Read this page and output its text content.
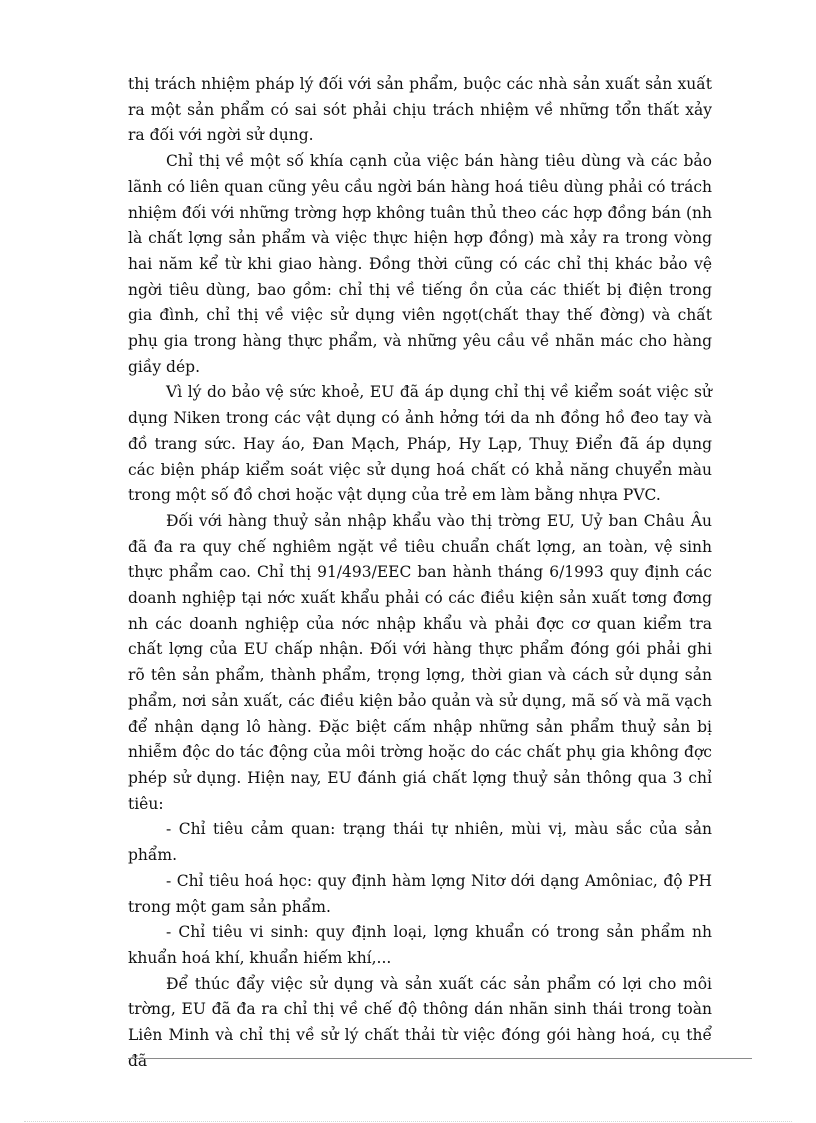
thị trách nhiệm pháp lý đối với sản phẩm, buộc các nhà sản xuất sản xuất ra một sản phẩm có sai sót phải chịu trách nhiệm về những tổn thất xảy ra đối với ngời sử dụng.

Chỉ thị về một số khía cạnh của việc bán hàng tiêu dùng và các bảo lãnh có liên quan cũng yêu cầu ngời bán hàng hoá tiêu dùng phải có trách nhiệm đối với những trờng hợp không tuân thủ theo các hợp đồng bán (nh là chất lợng sản phẩm và việc thực hiện hợp đồng) mà xảy ra trong vòng hai năm kể từ khi giao hàng. Đồng thời cũng có các chỉ thị khác bảo vệ ngời tiêu dùng, bao gồm: chỉ thị về tiếng ồn của các thiết bị điện trong gia đình, chỉ thị về việc sử dụng viên ngọt(chất thay thế đờng) và chất phụ gia trong hàng thực phẩm, và những yêu cầu về nhãn mác cho hàng giầy dép.

Vì lý do bảo vệ sức khoẻ, EU đã áp dụng chỉ thị về kiểm soát việc sử dụng Niken trong các vật dụng có ảnh hởng tới da nh đồng hồ đeo tay và đồ trang sức. Hay áo, Đan Mạch, Pháp, Hy Lạp, Thuỵ Điển đã áp dụng các biện pháp kiểm soát việc sử dụng hoá chất có khả năng chuyển màu trong một số đồ chơi hoặc vật dụng của trẻ em làm bằng nhựa PVC.

Đối với hàng thuỷ sản nhập khẩu vào thị trờng EU, Uỷ ban Châu Âu đã đa ra quy chế nghiêm ngặt về tiêu chuẩn chất lợng, an toàn, vệ sinh thực phẩm cao. Chỉ thị 91/493/EEC ban hành tháng 6/1993 quy định các doanh nghiệp tại nớc xuất khẩu phải có các điều kiện sản xuất tơng đơng nh các doanh nghiệp của nớc nhập khẩu và phải đợc cơ quan kiểm tra chất lợng của EU chấp nhận. Đối với hàng thực phẩm đóng gói phải ghi rõ tên sản phẩm, thành phẩm, trọng lợng, thời gian và cách sử dụng sản phẩm, nơi sản xuất, các điều kiện bảo quản và sử dụng, mã số và mã vạch để nhận dạng lô hàng. Đặc biệt cấm nhập những sản phẩm thuỷ sản bị nhiễm độc do tác động của môi trờng hoặc do các chất phụ gia không đợc phép sử dụng. Hiện nay, EU đánh giá chất lợng thuỷ sản thông qua 3 chỉ tiêu:

- Chỉ tiêu cảm quan: trạng thái tự nhiên, mùi vị, màu sắc của sản phẩm.

- Chỉ tiêu hoá học: quy định hàm lợng Nitơ dới dạng Amôniac, độ PH trong một gam sản phẩm.

- Chỉ tiêu vi sinh: quy định loại, lợng khuẩn có trong sản phẩm nh khuẩn hoá khí, khuẩn hiếm khí,...

Để thúc đẩy việc sử dụng và sản xuất các sản phẩm có lợi cho môi trờng, EU đã đa ra chỉ thị về chế độ thông dán nhãn sinh thái trong toàn Liên Minh và chỉ thị về sử lý chất thải từ việc đóng gói hàng hoá, cụ thể đã
